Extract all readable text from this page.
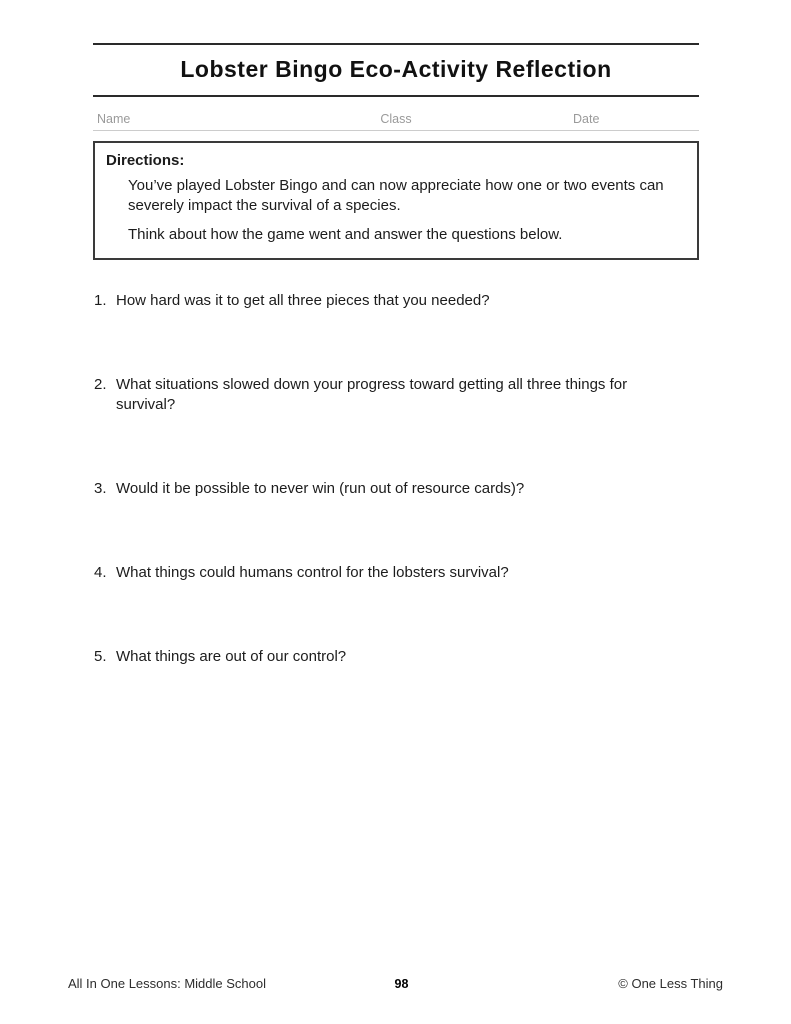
Lobster Bingo Eco-Activity Reflection
Name	Class	Date
Directions:
You’ve played Lobster Bingo and can now appreciate how one or two events can severely impact the survival of a species.
Think about how the game went and answer the questions below.
1. How hard was it to get all three pieces that you needed?
2. What situations slowed down your progress toward getting all three things for survival?
3. Would it be possible to never win (run out of resource cards)?
4. What things could humans control for the lobsters survival?
5. What things are out of our control?
All In One Lessons: Middle School	98	© One Less Thing
